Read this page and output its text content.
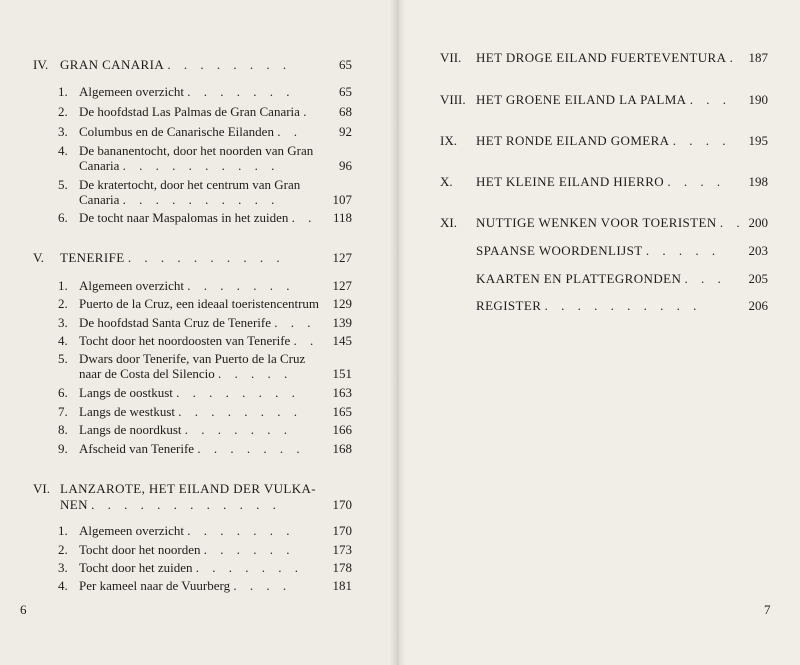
IV. GRAN CANARIA . . . . . . . .	65
1. Algemeen overzicht . . . . . . .	65
2. De hoofdstad Las Palmas de Gran Canaria .	68
3. Columbus en de Canarische Eilanden . .	92
4. De bananentocht, door het noorden van Gran
Canaria . . . . . . . . . .	96
5. De kratertocht, door het centrum van Gran
Canaria . . . . . . . . . .	107
6. De tocht naar Maspalomas in het zuiden . .	118
V. TENERIFE . . . . . . . . . .	127
1. Algemeen overzicht . . . . . . .	127
2. Puerto de la Cruz, een ideaal toeristencentrum	129
3. De hoofdstad Santa Cruz de Tenerife . . .	139
4. Tocht door het noordoosten van Tenerife . .	145
5. Dwars door Tenerife, van Puerto de la Cruz
naar de Costa del Silencio . . . . .	151
6. Langs de oostkust . . . . . . . .	163
7. Langs de westkust . . . . . . . .	165
8. Langs de noordkust . . . . . . .	166
9. Afscheid van Tenerife . . . . . . .	168
VI. LANZAROTE, HET EILAND DER VULKA-
NEN . . . . . . . . . . . .	170
1. Algemeen overzicht . . . . . . .	170
2. Tocht door het noorden . . . . . .	173
3. Tocht door het zuiden . . . . . . .	178
4. Per kameel naar de Vuurberg . . . .	181
6
VII. HET DROGE EILAND FUERTEVENTURA . 187
VIII. HET GROENE EILAND LA PALMA . . .	190
IX. HET RONDE EILAND GOMERA . . . .	195
X. HET KLEINE EILAND HIERRO . . . .	198
XI. NUTTIGE WENKEN VOOR TOERISTEN . . 200
SPAANSE WOORDENLIJST . . . . .	203
KAARTEN EN PLATTEGRONDEN . . .	205
REGISTER . . . . . . . . . .	206
7
